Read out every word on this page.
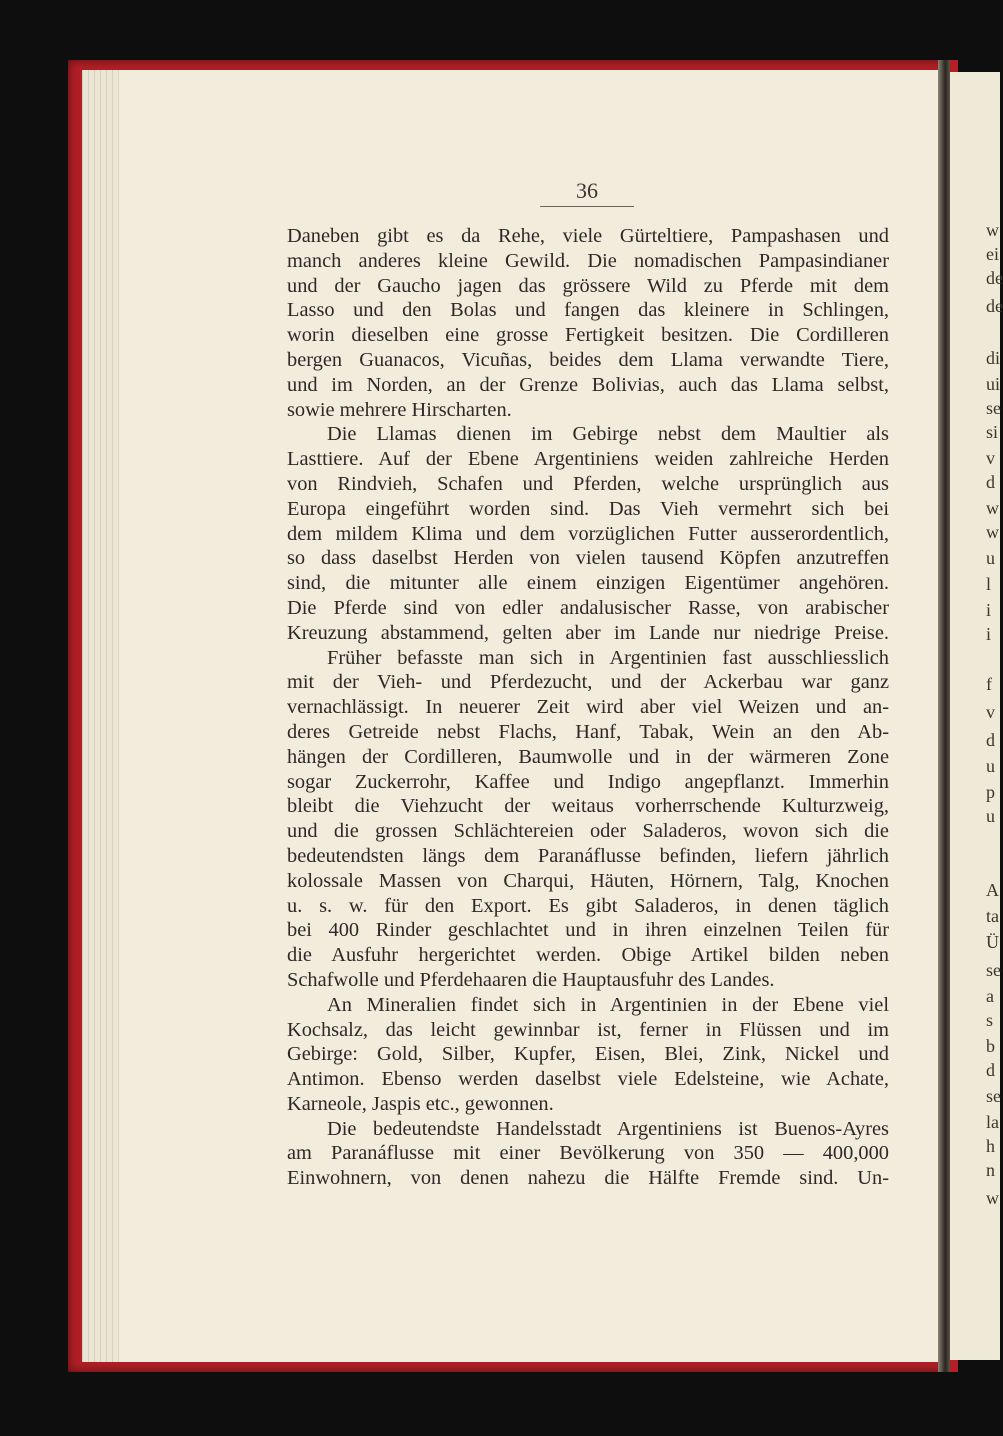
w
ei
de
de
di
ui
se
si
v
d
w
w
u
l
i
i
f
v
d
u
p
u
A
ta
Ü
se
a
s
b
d
se
la
h
n
w
36
Daneben gibt es da Rehe, viele Gürteltiere, Pampashasen und
manch anderes kleine Gewild. Die nomadischen Pampasindianer
und der Gaucho jagen das grössere Wild zu Pferde mit dem
Lasso und den Bolas und fangen das kleinere in Schlingen,
worin dieselben eine grosse Fertigkeit besitzen. Die Cordilleren
bergen Guanacos, Vicuñas, beides dem Llama verwandte Tiere,
und im Norden, an der Grenze Bolivias, auch das Llama selbst,
sowie mehrere Hirscharten.
Die Llamas dienen im Gebirge nebst dem Maultier als
Lasttiere. Auf der Ebene Argentiniens weiden zahlreiche Herden
von Rindvieh, Schafen und Pferden, welche ursprünglich aus
Europa eingeführt worden sind. Das Vieh vermehrt sich bei
dem mildem Klima und dem vorzüglichen Futter ausserordentlich,
so dass daselbst Herden von vielen tausend Köpfen anzutreffen
sind, die mitunter alle einem einzigen Eigentümer angehören.
Die Pferde sind von edler andalusischer Rasse, von arabischer
Kreuzung abstammend, gelten aber im Lande nur niedrige Preise.
Früher befasste man sich in Argentinien fast ausschliesslich
mit der Vieh- und Pferdezucht, und der Ackerbau war ganz
vernachlässigt. In neuerer Zeit wird aber viel Weizen und an-
deres Getreide nebst Flachs, Hanf, Tabak, Wein an den Ab-
hängen der Cordilleren, Baumwolle und in der wärmeren Zone
sogar Zuckerrohr, Kaffee und Indigo angepflanzt. Immerhin
bleibt die Viehzucht der weitaus vorherrschende Kulturzweig,
und die grossen Schlächtereien oder Saladeros, wovon sich die
bedeutendsten längs dem Paranáflusse befinden, liefern jährlich
kolossale Massen von Charqui, Häuten, Hörnern, Talg, Knochen
u. s. w. für den Export. Es gibt Saladeros, in denen täglich
bei 400 Rinder geschlachtet und in ihren einzelnen Teilen für
die Ausfuhr hergerichtet werden. Obige Artikel bilden neben
Schafwolle und Pferdehaaren die Hauptausfuhr des Landes.
An Mineralien findet sich in Argentinien in der Ebene viel
Kochsalz, das leicht gewinnbar ist, ferner in Flüssen und im
Gebirge: Gold, Silber, Kupfer, Eisen, Blei, Zink, Nickel und
Antimon. Ebenso werden daselbst viele Edelsteine, wie Achate,
Karneole, Jaspis etc., gewonnen.
Die bedeutendste Handelsstadt Argentiniens ist Buenos-Ayres
am Paranáflusse mit einer Bevölkerung von 350 — 400,000
Einwohnern, von denen nahezu die Hälfte Fremde sind. Un-
